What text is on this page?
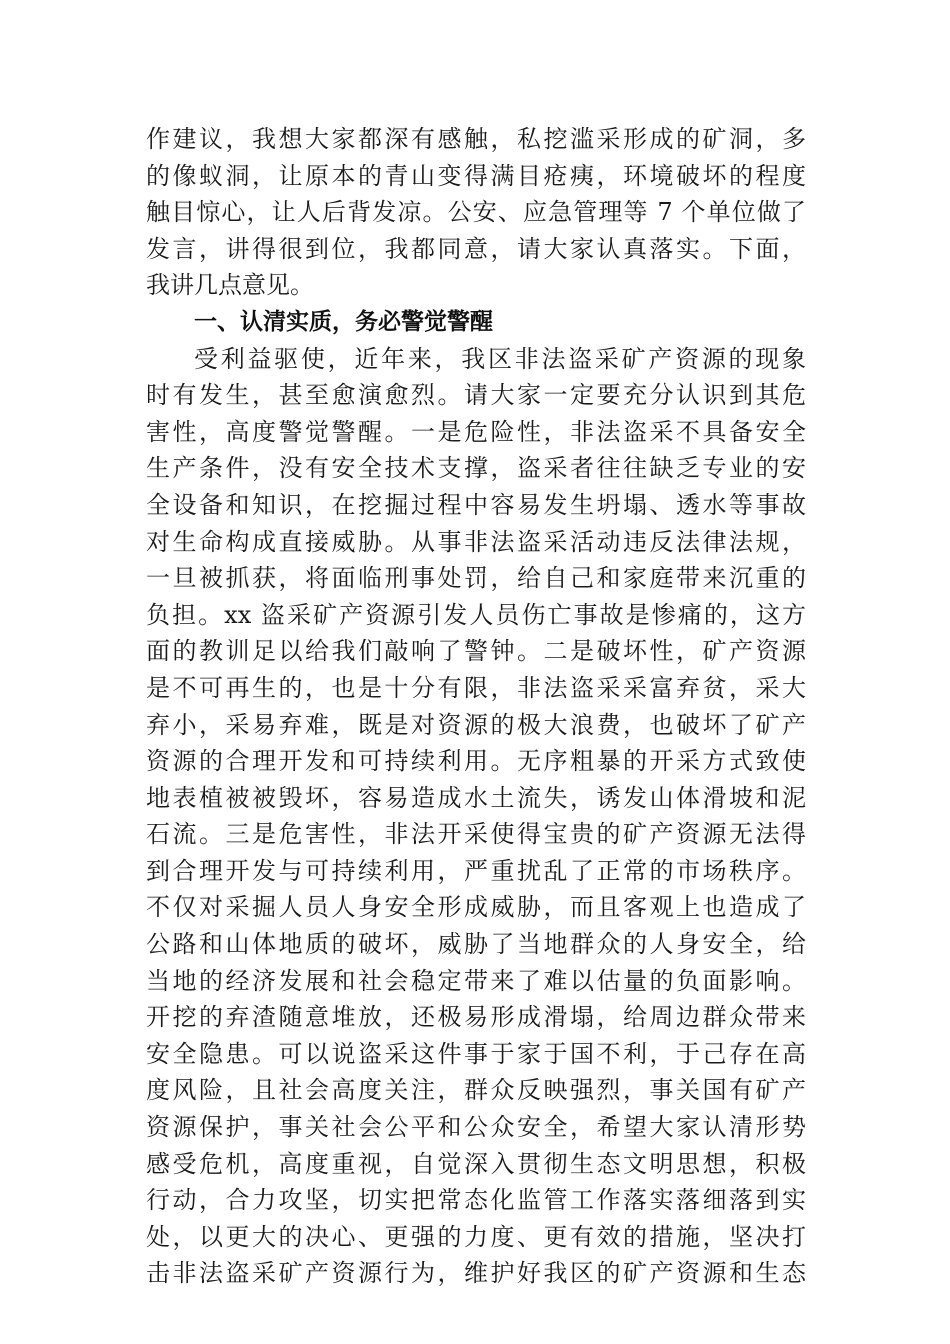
作建议，我想大家都深有感触，私挖滥采形成的矿洞，多
的像蚁洞，让原本的青山变得满目疮痍，环境破坏的程度
触目惊心，让人后背发凉。公安、应急管理等 7 个单位做了
发言，讲得很到位，我都同意，请大家认真落实。下面，
我讲几点意见。
一、认清实质，务必警觉警醒
受利益驱使，近年来，我区非法盗采矿产资源的现象
时有发生，甚至愈演愈烈。请大家一定要充分认识到其危
害性，高度警觉警醒。一是危险性，非法盗采不具备安全
生产条件，没有安全技术支撑，盗采者往往缺乏专业的安
全设备和知识，在挖掘过程中容易发生坍塌、透水等事故
对生命构成直接威胁。从事非法盗采活动违反法律法规，
一旦被抓获，将面临刑事处罚，给自己和家庭带来沉重的
负担。xx 盗采矿产资源引发人员伤亡事故是惨痛的，这方
面的教训足以给我们敲响了警钟。二是破坏性，矿产资源
是不可再生的，也是十分有限，非法盗采采富弃贫，采大
弃小，采易弃难，既是对资源的极大浪费，也破坏了矿产
资源的合理开发和可持续利用。无序粗暴的开采方式致使
地表植被被毁坏，容易造成水土流失，诱发山体滑坡和泥
石流。三是危害性，非法开采使得宝贵的矿产资源无法得
到合理开发与可持续利用，严重扰乱了正常的市场秩序。
不仅对采掘人员人身安全形成威胁，而且客观上也造成了
公路和山体地质的破坏，威胁了当地群众的人身安全，给
当地的经济发展和社会稳定带来了难以估量的负面影响。
开挖的弃渣随意堆放，还极易形成滑塌，给周边群众带来
安全隐患。可以说盗采这件事于家于国不利，于己存在高
度风险，且社会高度关注，群众反映强烈，事关国有矿产
资源保护，事关社会公平和公众安全，希望大家认清形势
感受危机，高度重视，自觉深入贯彻生态文明思想，积极
行动，合力攻坚，切实把常态化监管工作落实落细落到实
处，以更大的决心、更强的力度、更有效的措施，坚决打
击非法盗采矿产资源行为，维护好我区的矿产资源和生态
